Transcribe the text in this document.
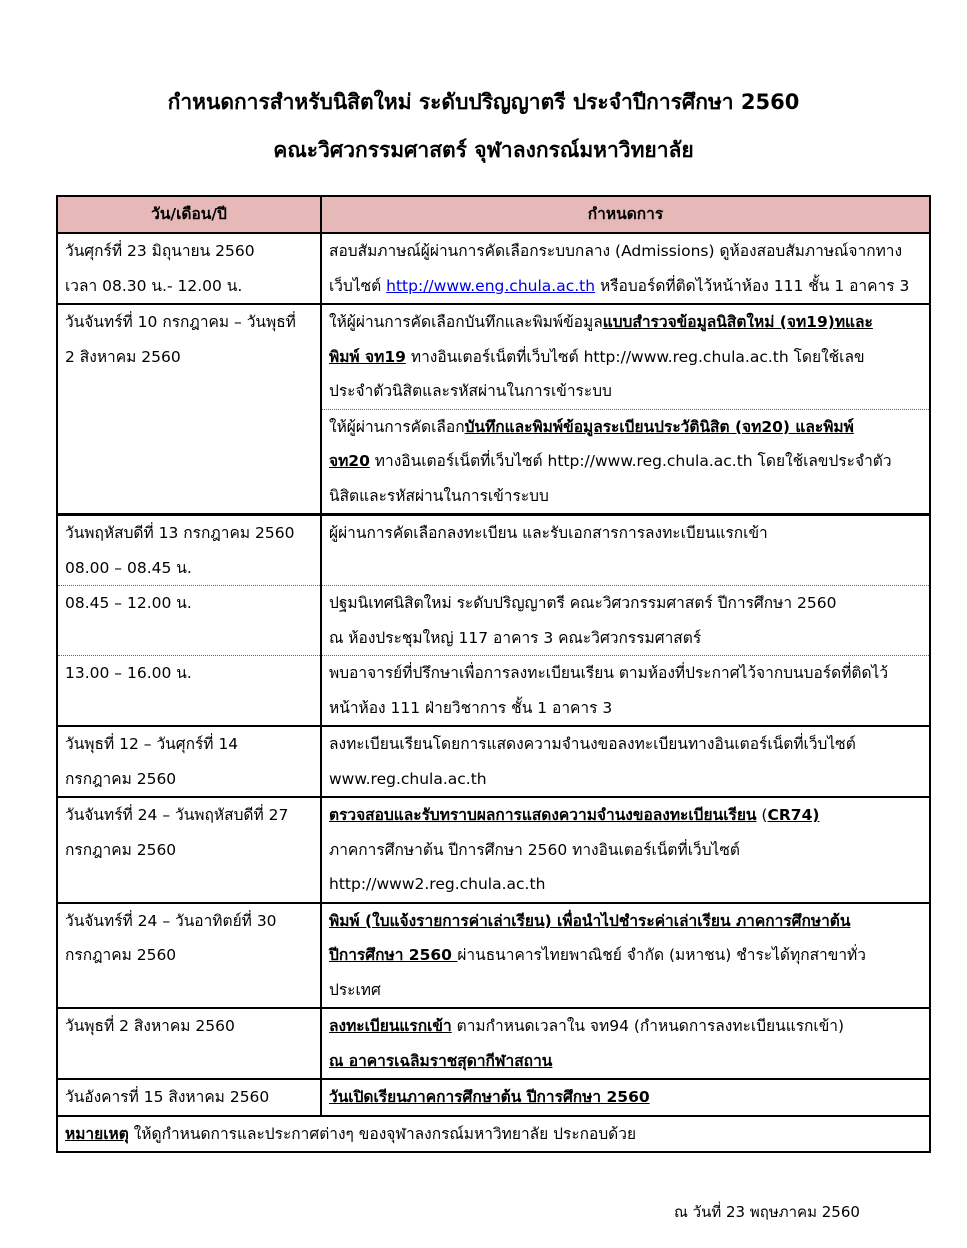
กำหนดการสำหรับนิสิตใหม่ ระดับปริญญาตรี ประจำปีการศึกษา 2560
คณะวิศวกรรมศาสตร์ จุฬาลงกรณ์มหาวิทยาลัย
วัน/เดือน/ปี	กำหนดการ

วันศุกร์ที่ 23 มิถุนายน 2560
เวลา 08.30 น.- 12.00 น.	สอบสัมภาษณ์ผู้ผ่านการคัดเลือกระบบกลาง (Admissions) ดูห้องสอบสัมภาษณ์จากทาง
เว็บไซต์ http://www.eng.chula.ac.th หรือบอร์ดที่ติดไว้หน้าห้อง 111 ชั้น 1 อาคาร 3

วันจันทร์ที่ 10 กรกฎาคม – วันพุธที่
2 สิงหาคม 2560	ให้ผู้ผ่านการคัดเลือกบันทึกและพิมพ์ข้อมูลแบบสำรวจข้อมูลนิสิตใหม่ (จท19)ทและ
พิมพ์ จท19 ทางอินเตอร์เน็ตที่เว็บไซต์ http://www.reg.chula.ac.th โดยใช้เลข
ประจำตัวนิสิตและรหัสผ่านในการเข้าระบบ

	ให้ผู้ผ่านการคัดเลือกบันทึกและพิมพ์ข้อมูลระเบียนประวัตินิสิต (จท20) และพิมพ์
จท20 ทางอินเตอร์เน็ตที่เว็บไซต์ http://www.reg.chula.ac.th โดยใช้เลขประจำตัว
นิสิตและรหัสผ่านในการเข้าระบบ

วันพฤหัสบดีที่ 13 กรกฎาคม 2560
08.00 – 08.45 น.	ผู้ผ่านการคัดเลือกลงทะเบียน และรับเอกสารการลงทะเบียนแรกเข้า

08.45 – 12.00 น.	ปฐมนิเทศนิสิตใหม่ ระดับปริญญาตรี คณะวิศวกรรมศาสตร์ ปีการศึกษา 2560
ณ ห้องประชุมใหญ่ 117 อาคาร 3 คณะวิศวกรรมศาสตร์

13.00 – 16.00 น.	พบอาจารย์ที่ปรึกษาเพื่อการลงทะเบียนเรียน ตามห้องที่ประกาศไว้จากบนบอร์ดที่ติดไว้
หน้าห้อง 111 ฝ่ายวิชาการ ชั้น 1 อาคาร 3

วันพุธที่ 12 – วันศุกร์ที่ 14
กรกฎาคม 2560	ลงทะเบียนเรียนโดยการแสดงความจำนงขอลงทะเบียนทางอินเตอร์เน็ตที่เว็บไซต์
www.reg.chula.ac.th

วันจันทร์ที่ 24 – วันพฤหัสบดีที่ 27
กรกฎาคม 2560	ตรวจสอบและรับทราบผลการแสดงความจำนงขอลงทะเบียนเรียน (CR74)
ภาคการศึกษาต้น ปีการศึกษา 2560 ทางอินเตอร์เน็ตที่เว็บไซต์
http://www2.reg.chula.ac.th

วันจันทร์ที่ 24 – วันอาทิตย์ที่ 30
กรกฎาคม 2560	พิมพ์ (ใบแจ้งรายการค่าเล่าเรียน) เพื่อนำไปชำระค่าเล่าเรียน ภาคการศึกษาต้น
ปีการศึกษา 2560 ผ่านธนาคารไทยพาณิชย์ จำกัด (มหาชน) ชำระได้ทุกสาขาทั่ว
ประเทศ

วันพุธที่ 2 สิงหาคม 2560	ลงทะเบียนแรกเข้า ตามกำหนดเวลาใน จท94 (กำหนดการลงทะเบียนแรกเข้า)
ณ อาคารเฉลิมราชสุดากีฬาสถาน

วันอังคารที่ 15 สิงหาคม 2560	วันเปิดเรียนภาคการศึกษาต้น ปีการศึกษา 2560

หมายเหตุ ให้ดูกำหนดการและประกาศต่างๆ ของจุฬาลงกรณ์มหาวิทยาลัย ประกอบด้วย	
ณ วันที่ 23 พฤษภาคม 2560
